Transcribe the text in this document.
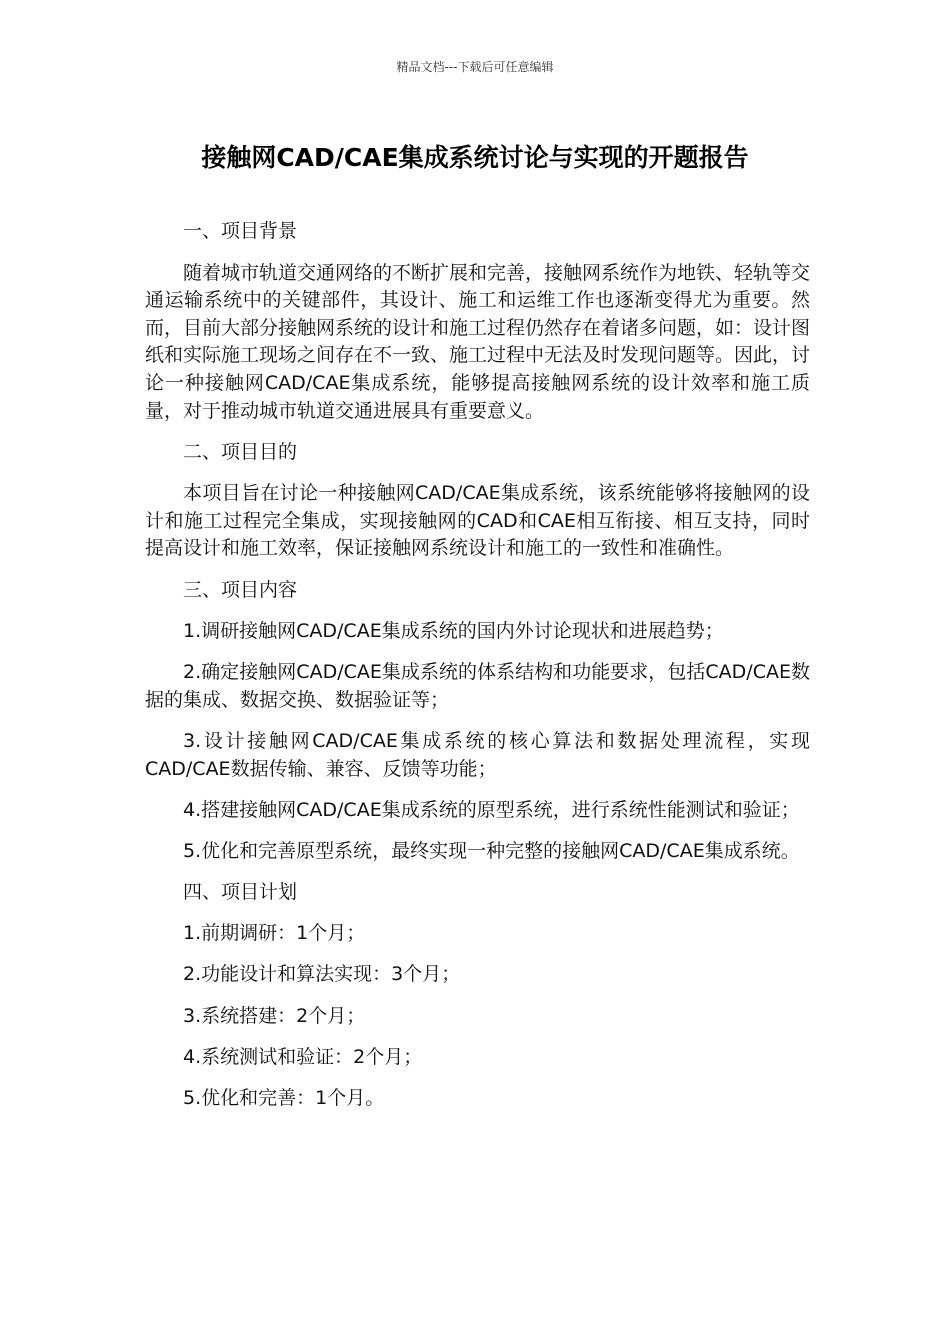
精品文档---下载后可任意编辑
接触网CAD/CAE集成系统讨论与实现的开题报告

一、项目背景

随着城市轨道交通网络的不断扩展和完善，接触网系统作为地铁、轻轨等交通运输系统中的关键部件，其设计、施工和运维工作也逐渐变得尤为重要。然而，目前大部分接触网系统的设计和施工过程仍然存在着诸多问题，如：设计图纸和实际施工现场之间存在不一致、施工过程中无法及时发现问题等。因此，讨论一种接触网CAD/CAE集成系统，能够提高接触网系统的设计效率和施工质量，对于推动城市轨道交通进展具有重要意义。

二、项目目的

本项目旨在讨论一种接触网CAD/CAE集成系统，该系统能够将接触网的设计和施工过程完全集成，实现接触网的CAD和CAE相互衔接、相互支持，同时提高设计和施工效率，保证接触网系统设计和施工的一致性和准确性。

三、项目内容

1.调研接触网CAD/CAE集成系统的国内外讨论现状和进展趋势；

2.确定接触网CAD/CAE集成系统的体系结构和功能要求，包括CAD/CAE数据的集成、数据交换、数据验证等；

3.设计接触网CAD/CAE集成系统的核心算法和数据处理流程，实现CAD/CAE数据传输、兼容、反馈等功能；

4.搭建接触网CAD/CAE集成系统的原型系统，进行系统性能测试和验证；

5.优化和完善原型系统，最终实现一种完整的接触网CAD/CAE集成系统。

四、项目计划

1.前期调研：1个月；

2.功能设计和算法实现：3个月；

3.系统搭建：2个月；

4.系统测试和验证：2个月；

5.优化和完善：1个月。
